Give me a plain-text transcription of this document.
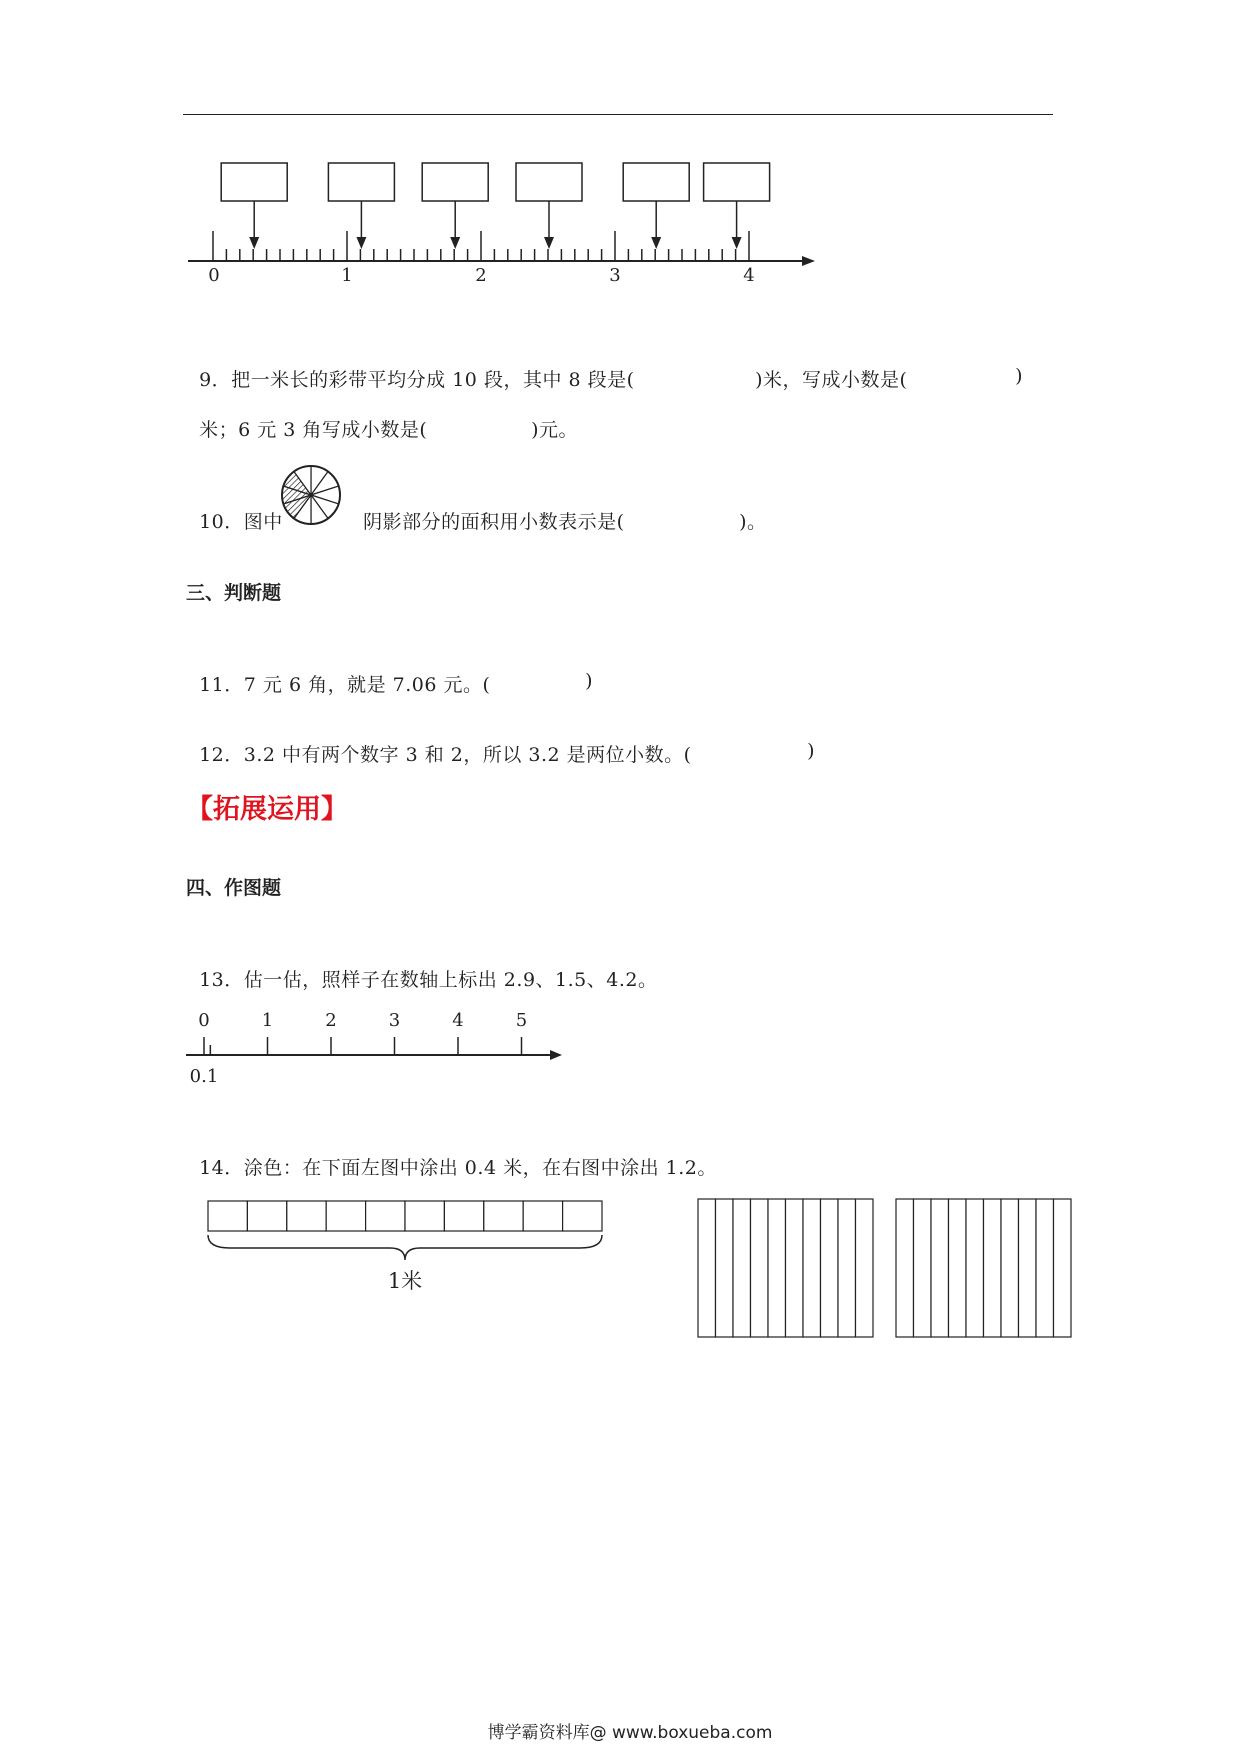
0	1	2	3	4

9．把一米长的彩带平均分成 10 段，其中 8 段是(	)米，写成小数是(	)

米；6 元 3 角写成小数是(	)元。

10．图中	阴影部分的面积用小数表示是(	)。

三、判断题

11．7 元 6 角，就是 7.06 元。(	)

12．3.2 中有两个数字 3 和 2，所以 3.2 是两位小数。(	)

【拓展运用】
四、作图题

13．估一估，照样子在数轴上标出 2.9、1.5、4.2。

0	1	2	3	4	5
0.1

14．涂色：在下面左图中涂出 0.4 米，在右图中涂出 1.2。

1米
博学霸资料库@ www.boxueba.com
